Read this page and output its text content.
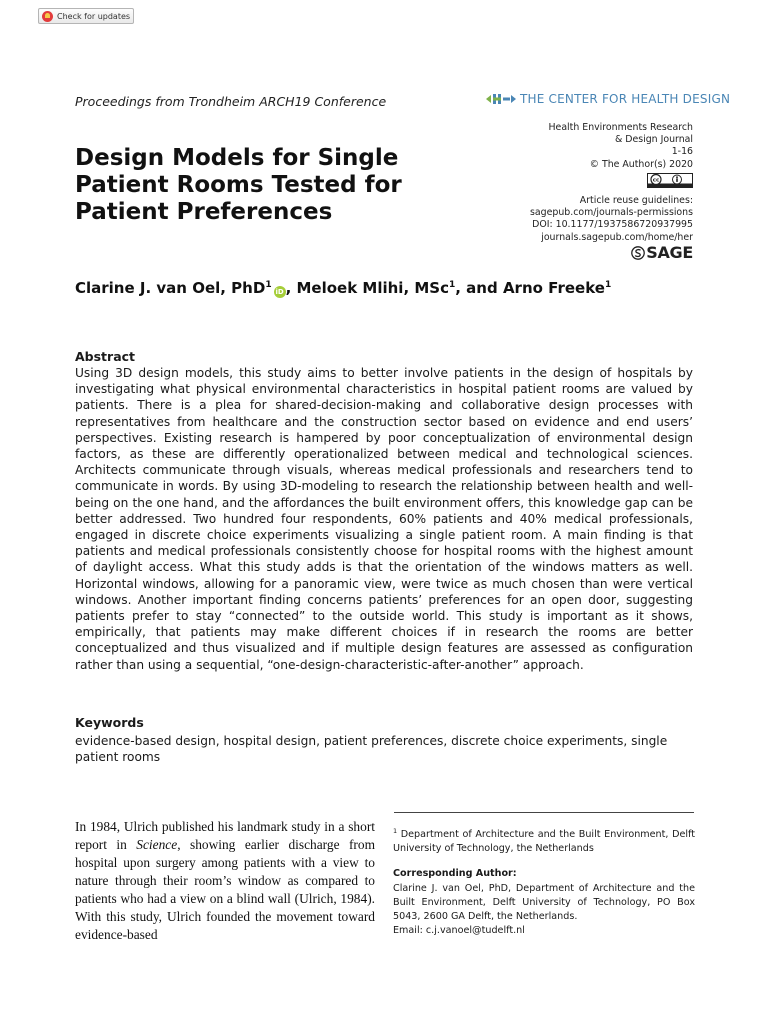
Check for updates
Proceedings from Trondheim ARCH19 Conference	THE CENTER FOR HEALTH DESIGN
Health Environments Research
& Design Journal
1-16
© The Author(s) 2020
cc
Article reuse guidelines:
sagepub.com/journals-permissions
DOI: 10.1177/1937586720937995
journals.sagepub.com/home/her
SAGE
Design Models for Single Patient Rooms Tested for Patient Preferences
Clarine J. van Oel, PhD$^1$iD , Meloek Mlihi, MSc$^1$, and Arno Freeke$^1$
Abstract
Using 3D design models, this study aims to better involve patients in the design of hospitals by investigating what physical environmental characteristics in hospital patient rooms are valued by patients. There is a plea for shared-decision-making and collaborative design processes with representatives from healthcare and the construction sector based on evidence and end users’ perspectives. Existing research is hampered by poor conceptualization of environmental design factors, as these are differently operationalized between medical and technological sciences. Architects communicate through visuals, whereas medical professionals and researchers tend to communicate in words. By using 3D-modeling to research the relationship between health and well-being on the one hand, and the affordances the built environment offers, this knowledge gap can be better addressed. Two hundred four respondents, 60% patients and 40% medical professionals, engaged in discrete choice experiments visualizing a single patient room. A main finding is that patients and medical professionals consistently choose for hospital rooms with the highest amount of daylight access. What this study adds is that the orientation of the windows matters as well. Horizontal windows, allowing for a panoramic view, were twice as much chosen than were vertical windows. Another important finding concerns patients’ preferences for an open door, suggesting patients prefer to stay “connected” to the outside world. This study is important as it shows, empirically, that patients may make different choices if in research the rooms are better conceptualized and thus visualized and if multiple design features are assessed as configuration rather than using a sequential, “one-design-characteristic-after-another” approach.
Keywords
evidence-based design, hospital design, patient preferences, discrete choice experiments, single patient rooms
In 1984, Ulrich published his landmark study in a short report in Science, showing earlier discharge from hospital upon surgery among patients with a view to nature through their room’s window as compared to patients who had a view on a blind wall (Ulrich, 1984). With this study, Ulrich founded the movement toward evidence-based
$^1$ Department of Architecture and the Built Environment, Delft University of Technology, the Netherlands
Corresponding Author:
Clarine J. van Oel, PhD, Department of Architecture and the Built Environment, Delft University of Technology, PO Box 5043, 2600 GA Delft, the Netherlands.
Email: c.j.vanoel@tudelft.nl
